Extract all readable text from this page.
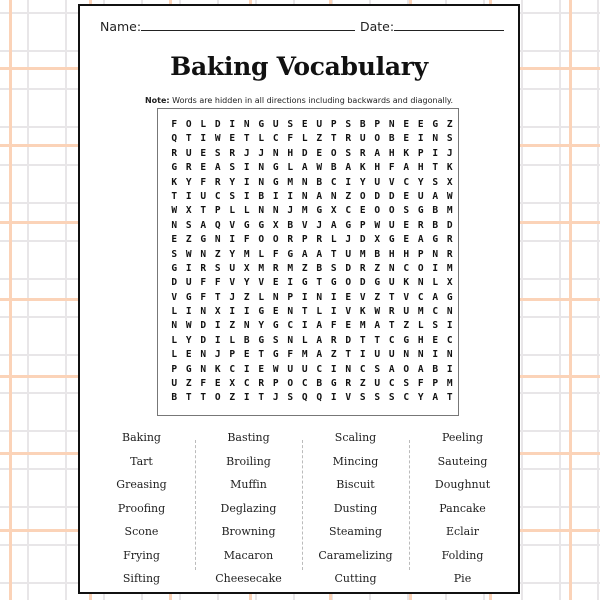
Name:	Date:
Baking Vocabulary
Note: Words are hidden in all directions including backwards and diagonally.
F O L D I N G U S E U P S B P N E E G Z
Q T I W E T L C F L Z T R U O B E I N S
R U E S R J J N H D E O S R A H K P I J
G R E A S I N G L A W B A K H F A H T K
K Y F R Y I N G M N B C I Y U V C Y S X
T I U C S I B I I N A N Z O D D E U A W
W X T P L L N N J M G X C E O O S G B M
N S A Q V G G X B V J A G P W U E R B D
E Z G N I F O O R P R L J D X G E A G R
S W N Z Y M L F G A A T U M B H H P N R
G I R S U X M R M Z B S D R Z N C O I M
D U F F V Y V E I G T G O D G U K N L X
V G F T J Z L N P I N I E V Z T V C A G
L I N X I I G E N T L I V K W R U M C N
N W D I Z N Y G C I A F E M A T Z L S I
L Y D I L B G S N L A R D T T C G H E C
L E N J P E T G F M A Z T I U U N N I N
P G N K C I E W U U C I N C S A O A B I
U Z F E X C R P O C B G R Z U C S F P M
B T T O Z I T J S Q Q I V S S S C Y A T
Baking
Tart
Greasing
Proofing
Scone
Frying
Sifting
Basting
Broiling
Muffin
Deglazing
Browning
Macaron
Cheesecake
Scaling
Mincing
Biscuit
Dusting
Steaming
Caramelizing
Cutting
Peeling
Sauteing
Doughnut
Pancake
Eclair
Folding
Pie
